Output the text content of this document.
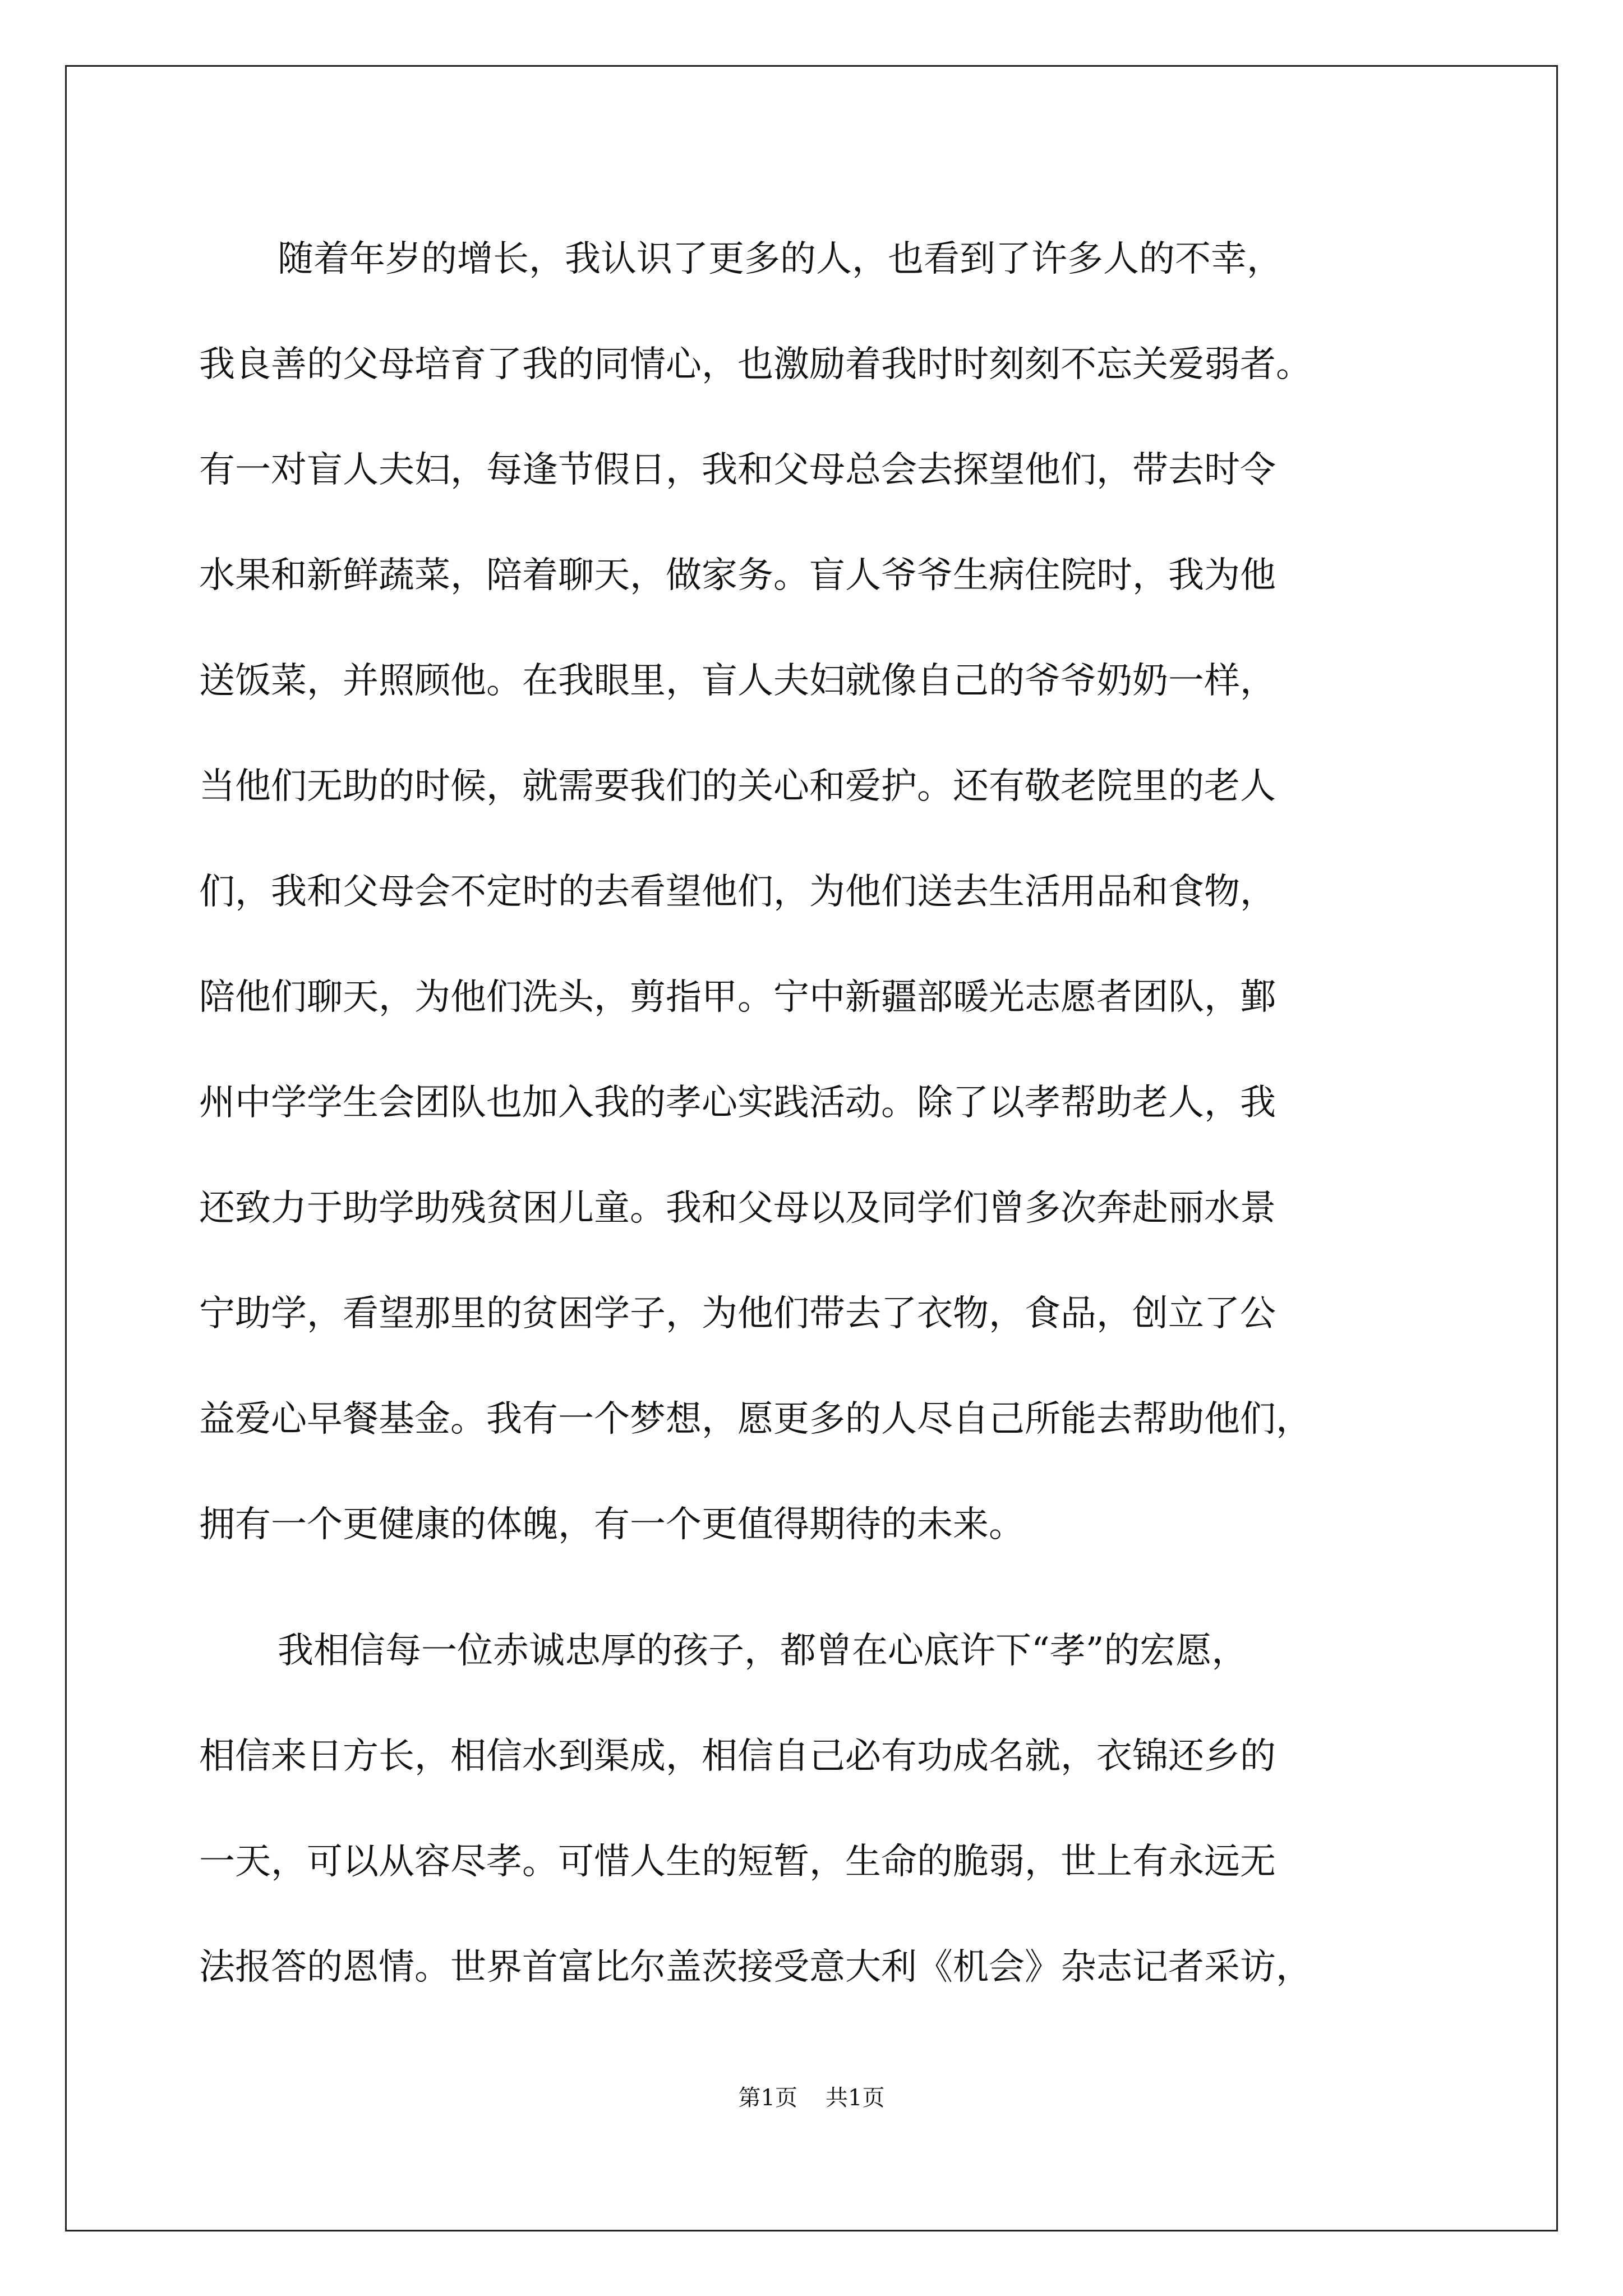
随着年岁的增长，我认识了更多的人，也看到了许多人的不幸，
我良善的父母培育了我的同情心，也激励着我时时刻刻不忘关爱弱者。
有一对盲人夫妇，每逢节假日，我和父母总会去探望他们，带去时令
水果和新鲜蔬菜，陪着聊天，做家务。盲人爷爷生病住院时，我为他
送饭菜，并照顾他。在我眼里，盲人夫妇就像自己的爷爷奶奶一样，
当他们无助的时候，就需要我们的关心和爱护。还有敬老院里的老人
们，我和父母会不定时的去看望他们，为他们送去生活用品和食物，
陪他们聊天，为他们洗头，剪指甲。宁中新疆部暖光志愿者团队，鄞
州中学学生会团队也加入我的孝心实践活动。除了以孝帮助老人，我
还致力于助学助残贫困儿童。我和父母以及同学们曾多次奔赴丽水景
宁助学，看望那里的贫困学子，为他们带去了衣物，食品，创立了公
益爱心早餐基金。我有一个梦想，愿更多的人尽自己所能去帮助他们，
拥有一个更健康的体魄，有一个更值得期待的未来。
我相信每一位赤诚忠厚的孩子，都曾在心底许下“孝”的宏愿，
相信来日方长，相信水到渠成，相信自己必有功成名就，衣锦还乡的
一天，可以从容尽孝。可惜人生的短暂，生命的脆弱，世上有永远无
法报答的恩情。世界首富比尔盖茨接受意大利《机会》杂志记者采访，
第1页 共1页
